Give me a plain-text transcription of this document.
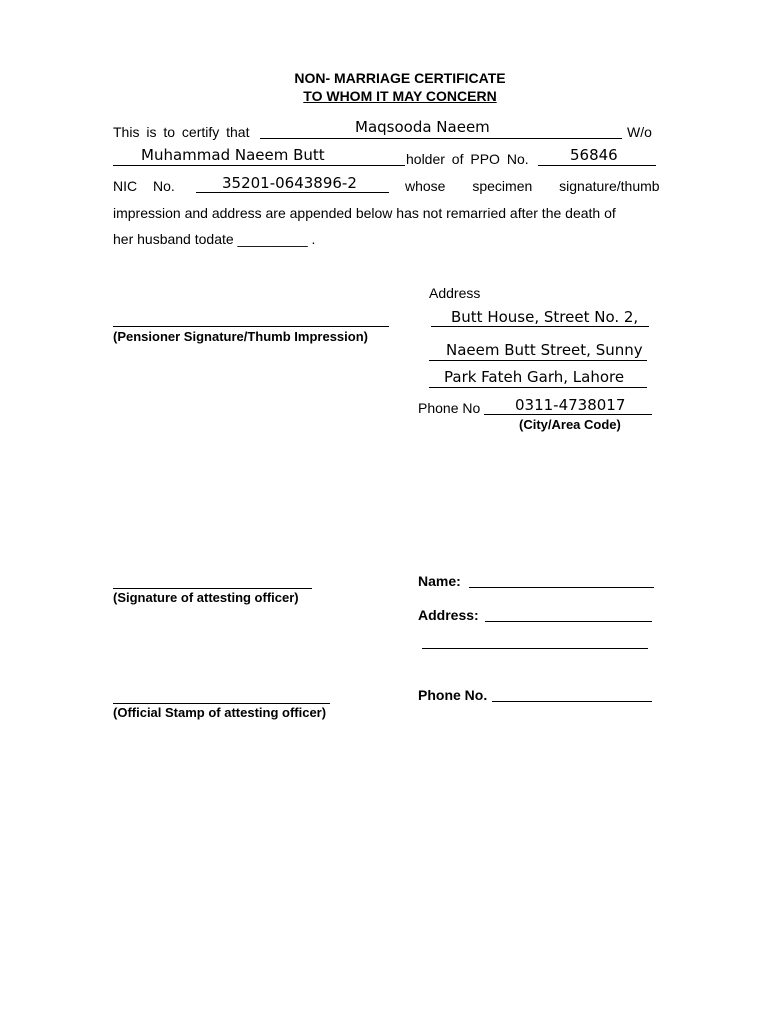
NON- MARRIAGE CERTIFICATE
TO WHOM IT MAY CONCERN
This is to certify that	Maqsooda Naeem	W/o
Muhammad Naeem Butt	holder of PPO No.	56846
NIC No.	35201-0643896-2	whose specimen signature/thumb
impression and address are appended below has not remarried after the death of
her husband todate _________ .
(Pensioner Signature/Thumb Impression)
Address
Butt House, Street No. 2,
Naeem Butt Street, Sunny
Park Fateh Garh, Lahore
Phone No 0311-4738017
(City/Area Code)
(Signature of attesting officer)
Name:
Address:
(Official Stamp of attesting officer)
Phone No.
